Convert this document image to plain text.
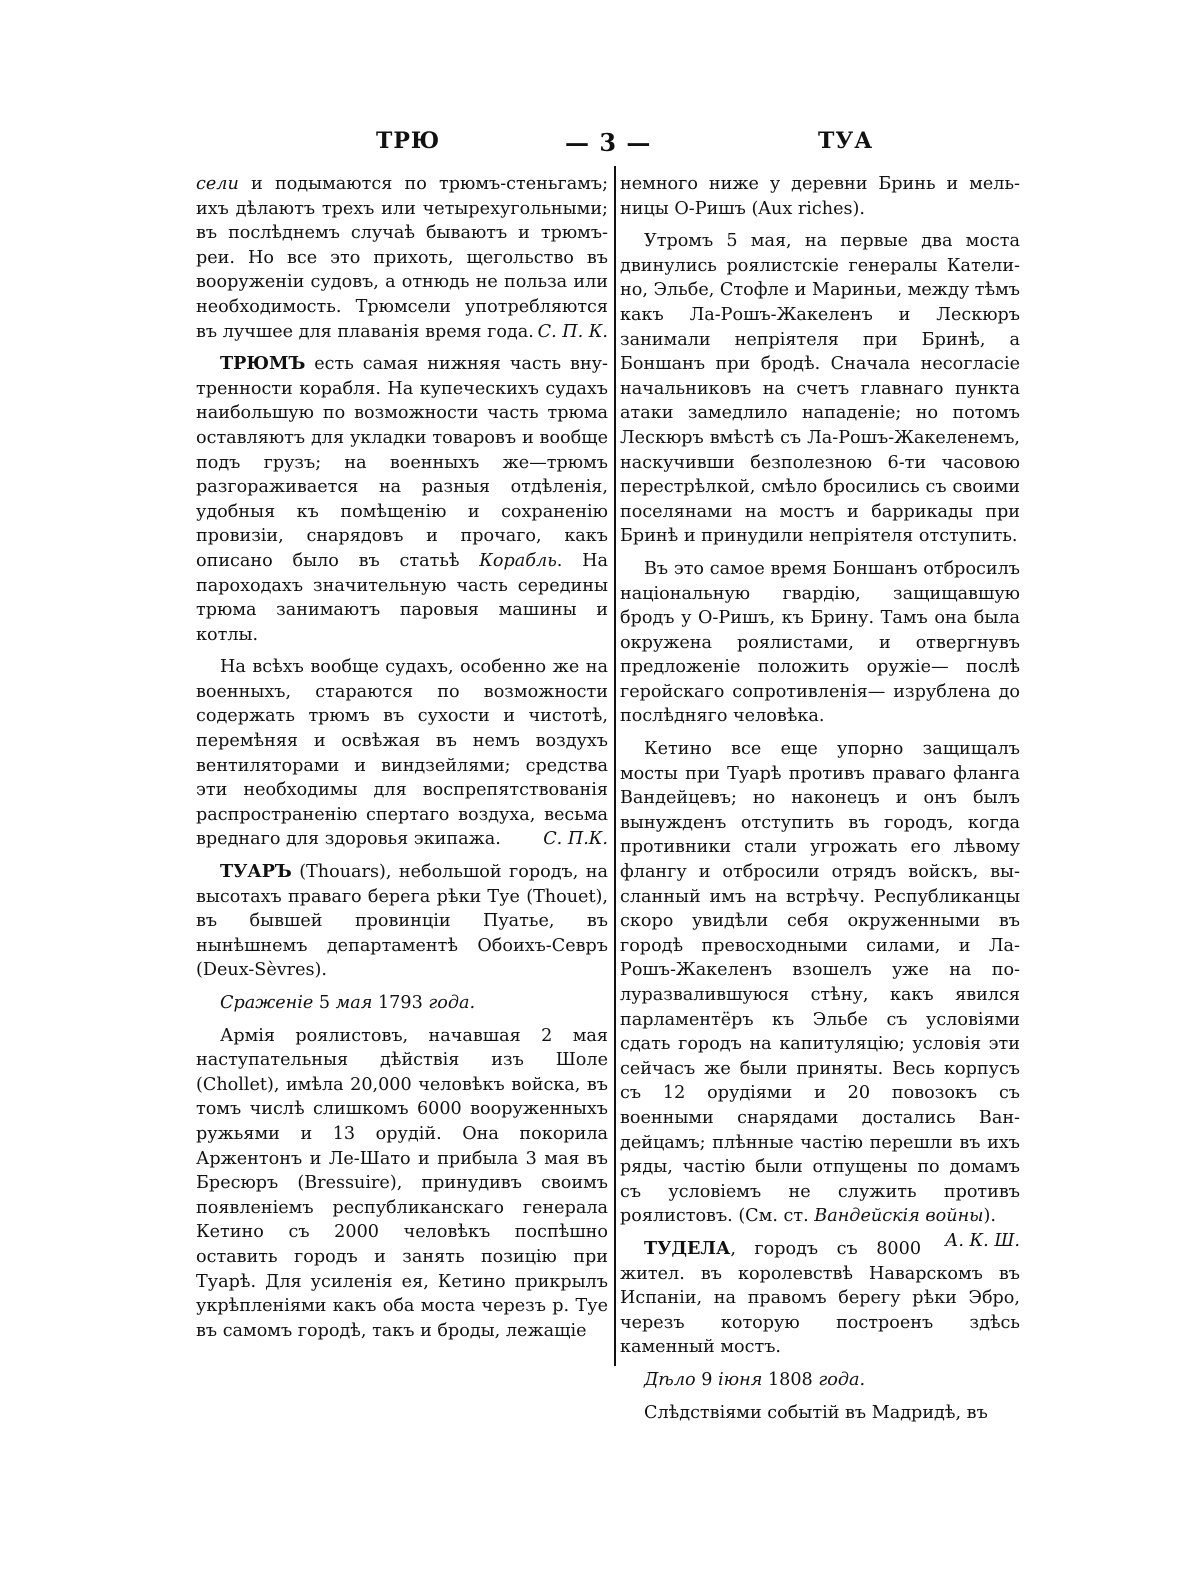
ТРЮ	— 3 —	ТУА

сели и подымаются по трюмъ-стеньгамъ; ихъ дѣлаютъ трехъ или четырехугольными; въ послѣднемъ случаѣ бываютъ и трюмъ-реи. Но все это прихоть, щегольство въ вооруженіи судовъ, а отнюдь не польза или необходимость. Трюмсели употребляются въ лучшее для плаванія время года. С. П. К.

ТРЮМЪ есть самая нижняя часть внутренности корабля. На купеческихъ судахъ наибольшую по возможности часть трюма оставляютъ для укладки товаровъ и вообще подъ грузъ; на военныхъ же—трюмъ разгораживается на разныя отдѣленія, удобныя къ помѣщенію и сохраненію провизіи, снарядовъ и прочаго, какъ описано было въ статьѣ Корабль. На пароходахъ значительную часть середины трюма занимаютъ паровыя машины и котлы.

На всѣхъ вообще судахъ, особенно же на военныхъ, стараются по возможности содержать трюмъ въ сухости и чистотѣ, перемѣняя и освѣжая въ немъ воздухъ вентиляторами и виндзейлями; средства эти необходимы для воспрепятствованія распространенію спертаго воздуха, весьма вреднаго для здоровья экипажа.	С. П.К.

ТУАРЪ (Thouars), небольшой городъ, на высотахъ праваго берега рѣки Туе (Thouet), въ бывшей провинціи Пуатье, въ нынѣшнемъ департаментѣ Обоихъ-Севръ (Deux-Sèvres).

Сраженіе 5 мая 1793 года.

Армія роялистовъ, начавшая 2 мая наступательныя дѣйствія изъ Шоле (Chollet), имѣла 20,000 человѣкъ войска, въ томъ числѣ слишкомъ 6000 вооруженныхъ ружьями и 13 орудій. Она покорила Аржентонъ и Ле-Шато и прибыла 3 мая въ Бресюръ (Bressuire), принудивъ своимъ появленіемъ республиканскаго генерала Кетино съ 2000 человѣкъ поспѣшно оставить городъ и занять позицію при Туарѣ. Для усиленія ея, Кетино прикрылъ укрѣпленіями какъ оба моста черезъ р. Туе въ самомъ городѣ, такъ и броды, лежащіе

немного ниже у деревни Бринь и мельницы О-Ришъ (Aux riches).

Утромъ 5 мая, на первые два моста двинулись роялистскіе генералы Кателино, Эльбе, Стофле и Мариньи, между тѣмъ какъ Ла-Рошъ-Жакеленъ и Лескюръ занимали непріятеля при Бринѣ, а Боншанъ при бродѣ. Сначала несогласіе начальниковъ на счетъ главнаго пункта атаки замедлило нападеніе; но потомъ Лескюръ вмѣстѣ съ Ла-Рошъ-Жакеленемъ, наскучивши безполезною 6-ти часовою перестрѣлкой, смѣло бросились съ своими поселянами на мостъ и баррикады при Бринѣ и принудили непріятеля отступить.

Въ это самое время Боншанъ отбросилъ національную гвардію, защищавшую бродъ у О-Ришъ, къ Брину. Тамъ она была окружена роялистами, и отвергнувъ предложеніе положить оружіе— послѣ геройскаго сопротивленія— изрублена до послѣдняго человѣка.

Кетино все еще упорно защищалъ мосты при Туарѣ противъ праваго фланга Вандейцевъ; но наконецъ и онъ былъ вынужденъ отступить въ городъ, когда противники стали угрожать его лѣвому флангу и отбросили отрядъ войскъ, высланный имъ на встрѣчу. Республиканцы скоро увидѣли себя окруженными въ городѣ превосходными силами, и Ла-Рошъ-Жакеленъ взошелъ уже на полуразвалившуюся стѣну, какъ явился парламентёръ къ Эльбе съ условіями сдать городъ на капитуляцію; условія эти сейчасъ же были приняты. Весь корпусъ съ 12 орудіями и 20 повозокъ съ военными снарядами достались Вандейцамъ; плѣнные частію перешли въ ихъ ряды, частію были отпущены по домамъ съ условіемъ не служить противъ роялистовъ. (См. ст. Вандейскія войны).
А. К. Ш.

ТУДЕЛА, городъ съ 8000 жител. въ королевствѣ Наварскомъ въ Испаніи, на правомъ берегу рѣки Эбро, черезъ которую построенъ здѣсь каменный мостъ.

Дѣло 9 іюня 1808 года.

Слѣдствіями событій въ Мадридѣ, въ
